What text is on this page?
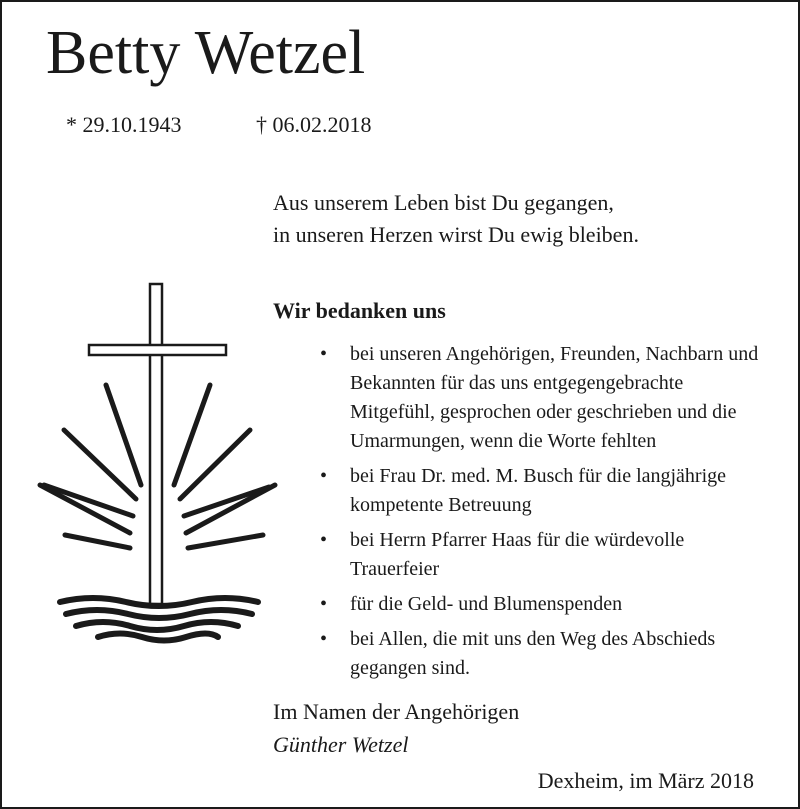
Betty Wetzel
* 29.10.1943	† 06.02.2018
Aus unserem Leben bist Du gegangen,
in unseren Herzen wirst Du ewig bleiben.
Wir bedanken uns
• bei unseren Angehörigen, Freunden, Nachbarn und Bekannten für das uns entgegengebrachte Mitgefühl, gesprochen oder geschrieben und die Umarmungen, wenn die Worte fehlten
• bei Frau Dr. med. M. Busch für die langjährige kompetente Betreuung
• bei Herrn Pfarrer Haas für die würdevolle Trauerfeier
• für die Geld- und Blumenspenden
• bei Allen, die mit uns den Weg des Abschieds gegangen sind.
Im Namen der Angehörigen
Günther Wetzel
Dexheim, im März 2018
